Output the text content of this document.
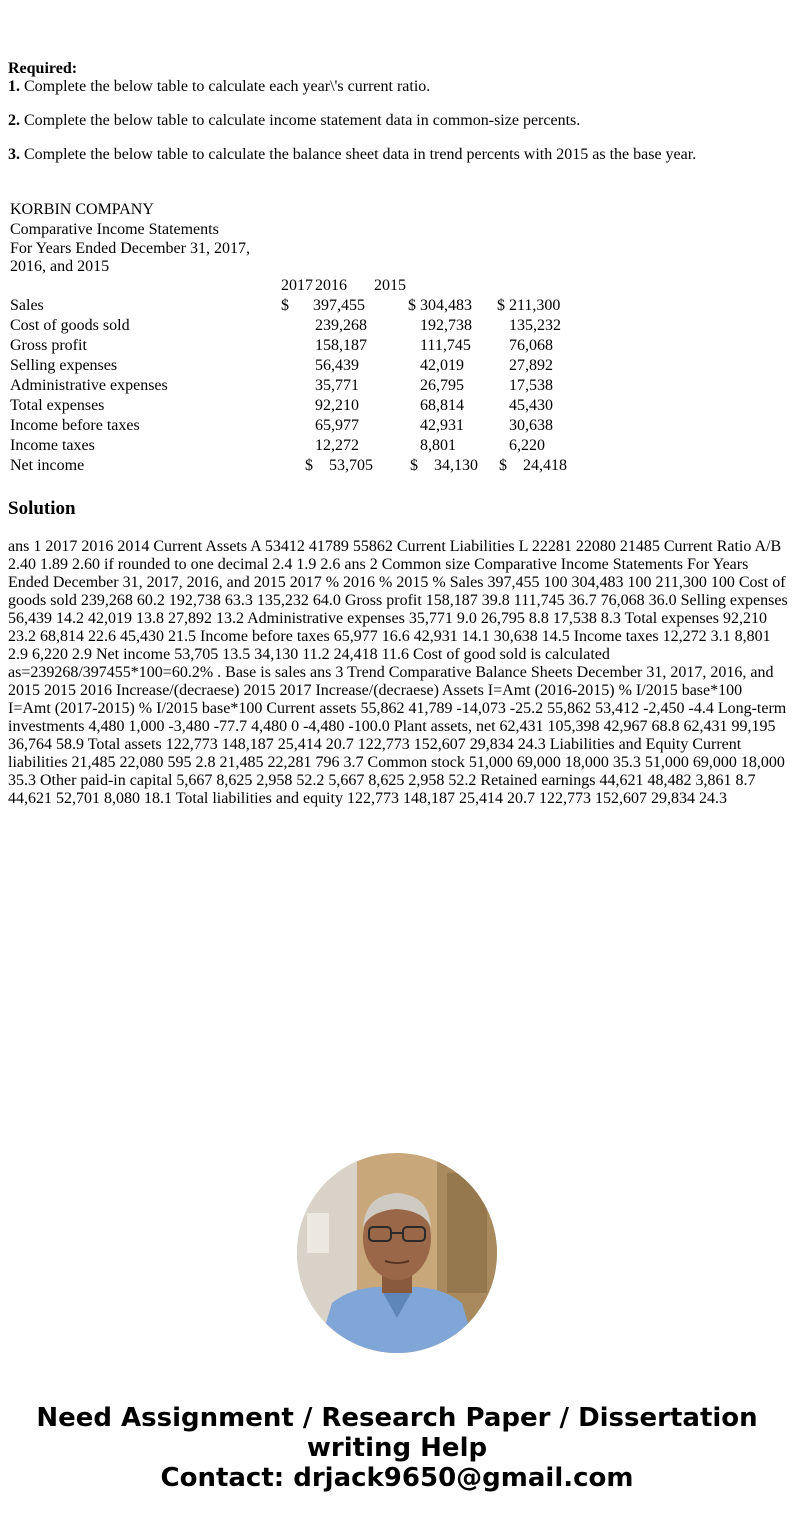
Required:

1. Complete the below table to calculate each year\'s current ratio.

2. Complete the below table to calculate income statement data in common-size percents.

3. Complete the below table to calculate the balance sheet data in trend percents with 2015 as the base year.

KORBIN COMPANY
Comparative Income Statements
For Years Ended December 31, 2017,
2016, and 2015
2017 2016 2015
Sales	$      397,455	$ 304,483 $ 211,300
Cost of goods sold	239,268	192,738 135,232
Gross profit	158,187	111,745 76,068
Selling expenses	56,439	42,019	27,892
Administrative expenses	35,771	26,795	17,538
Total expenses	92,210	68,814	45,430
Income before taxes	65,977	42,931	30,638
Income taxes	12,272	8,801	6,220
Net income	$    53,705 $    34,130 $    24,418
Solution

ans 1 2017 2016 2014 Current Assets A 53412 41789 55862 Current Liabilities L 22281 22080 21485 Current Ratio A/B 2.40 1.89 2.60 if rounded to one decimal 2.4 1.9 2.6 ans 2 Common size Comparative Income Statements For Years Ended December 31, 2017, 2016, and 2015 2017 % 2016 % 2015 % Sales 397,455 100 304,483 100 211,300 100 Cost of goods sold 239,268 60.2 192,738 63.3 135,232 64.0 Gross profit 158,187 39.8 111,745 36.7 76,068 36.0 Selling expenses 56,439 14.2 42,019 13.8 27,892 13.2 Administrative expenses 35,771 9.0 26,795 8.8 17,538 8.3 Total expenses 92,210 23.2 68,814 22.6 45,430 21.5 Income before taxes 65,977 16.6 42,931 14.1 30,638 14.5 Income taxes 12,272 3.1 8,801 2.9 6,220 2.9 Net income 53,705 13.5 34,130 11.2 24,418 11.6 Cost of good sold is calculated as=239268/397455*100=60.2% . Base is sales ans 3 Trend Comparative Balance Sheets December 31, 2017, 2016, and 2015 2015 2016 Increase/(decraese) 2015 2017 Increase/(decraese) Assets I=Amt (2016-2015) % I/2015 base*100 I=Amt (2017-2015) % I/2015 base*100 Current assets 55,862 41,789 -14,073 -25.2 55,862 53,412 -2,450 -4.4 Long-term investments 4,480 1,000 -3,480 -77.7 4,480 0 -4,480 -100.0 Plant assets, net 62,431 105,398 42,967 68.8 62,431 99,195 36,764 58.9 Total assets 122,773 148,187 25,414 20.7 122,773 152,607 29,834 24.3 Liabilities and Equity Current liabilities 21,485 22,080 595 2.8 21,485 22,281 796 3.7 Common stock 51,000 69,000 18,000 35.3 51,000 69,000 18,000 35.3 Other paid-in capital 5,667 8,625 2,958 52.2 5,667 8,625 2,958 52.2 Retained earnings 44,621 48,482 3,861 8.7 44,621 52,701 8,080 18.1 Total liabilities and equity 122,773 148,187 25,414 20.7 122,773 152,607 29,834 24.3

Need Assignment / Research Paper / Dissertation
writing Help
Contact: drjack9650@gmail.com
